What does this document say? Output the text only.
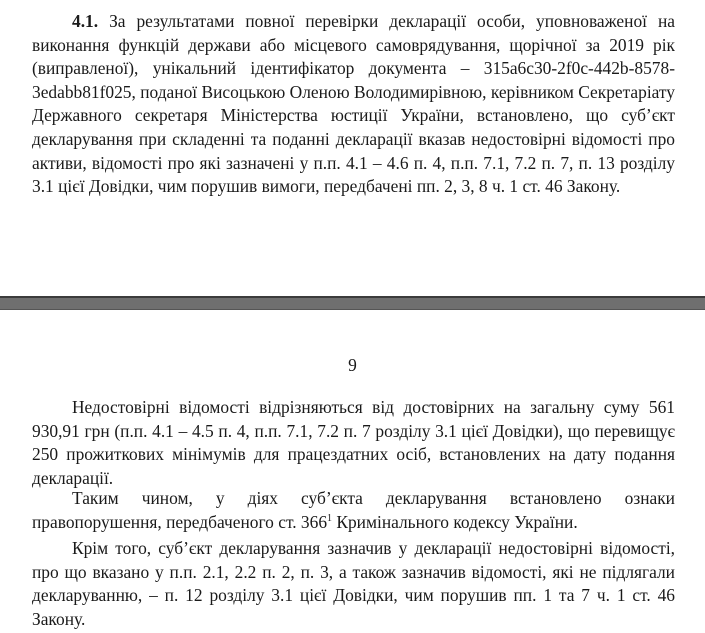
4.1. За результатами повної перевірки декларації особи, уповноваженої на виконання функцій держави або місцевого самоврядування, щорічної за 2019 рік (виправленої), унікальний ідентифікатор документа – 315a6c30-2f0c-442b-8578-3edabb81f025, поданої Висоцькою Оленою Володимирівною, керівником Секретаріату Державного секретаря Міністерства юстиції України, встановлено, що суб’єкт декларування при складенні та поданні декларації вказав недостовірні відомості про активи, відомості про які зазначені у п.п. 4.1 – 4.6 п. 4, п.п. 7.1, 7.2 п. 7, п. 13 розділу 3.1 цієї Довідки, чим порушив вимоги, передбачені пп. 2, 3, 8 ч. 1 ст. 46 Закону.

9

Недостовірні відомості відрізняються від достовірних на загальну суму 561 930,91 грн (п.п. 4.1 – 4.5 п. 4, п.п. 7.1, 7.2 п. 7 розділу 3.1 цієї Довідки), що перевищує 250 прожиткових мінімумів для працездатних осіб, встановлених на дату подання декларації.

Таким чином, у діях суб’єкта декларування встановлено ознаки правопорушення, передбаченого ст. $366^1$ Кримінального кодексу України.

Крім того, суб’єкт декларування зазначив у декларації недостовірні відомості, про що вказано у п.п. 2.1, 2.2 п. 2, п. 3, а також зазначив відомості, які не підлягали декларуванню, – п. 12 розділу 3.1 цієї Довідки, чим порушив пп. 1 та 7 ч. 1 ст. 46 Закону.
